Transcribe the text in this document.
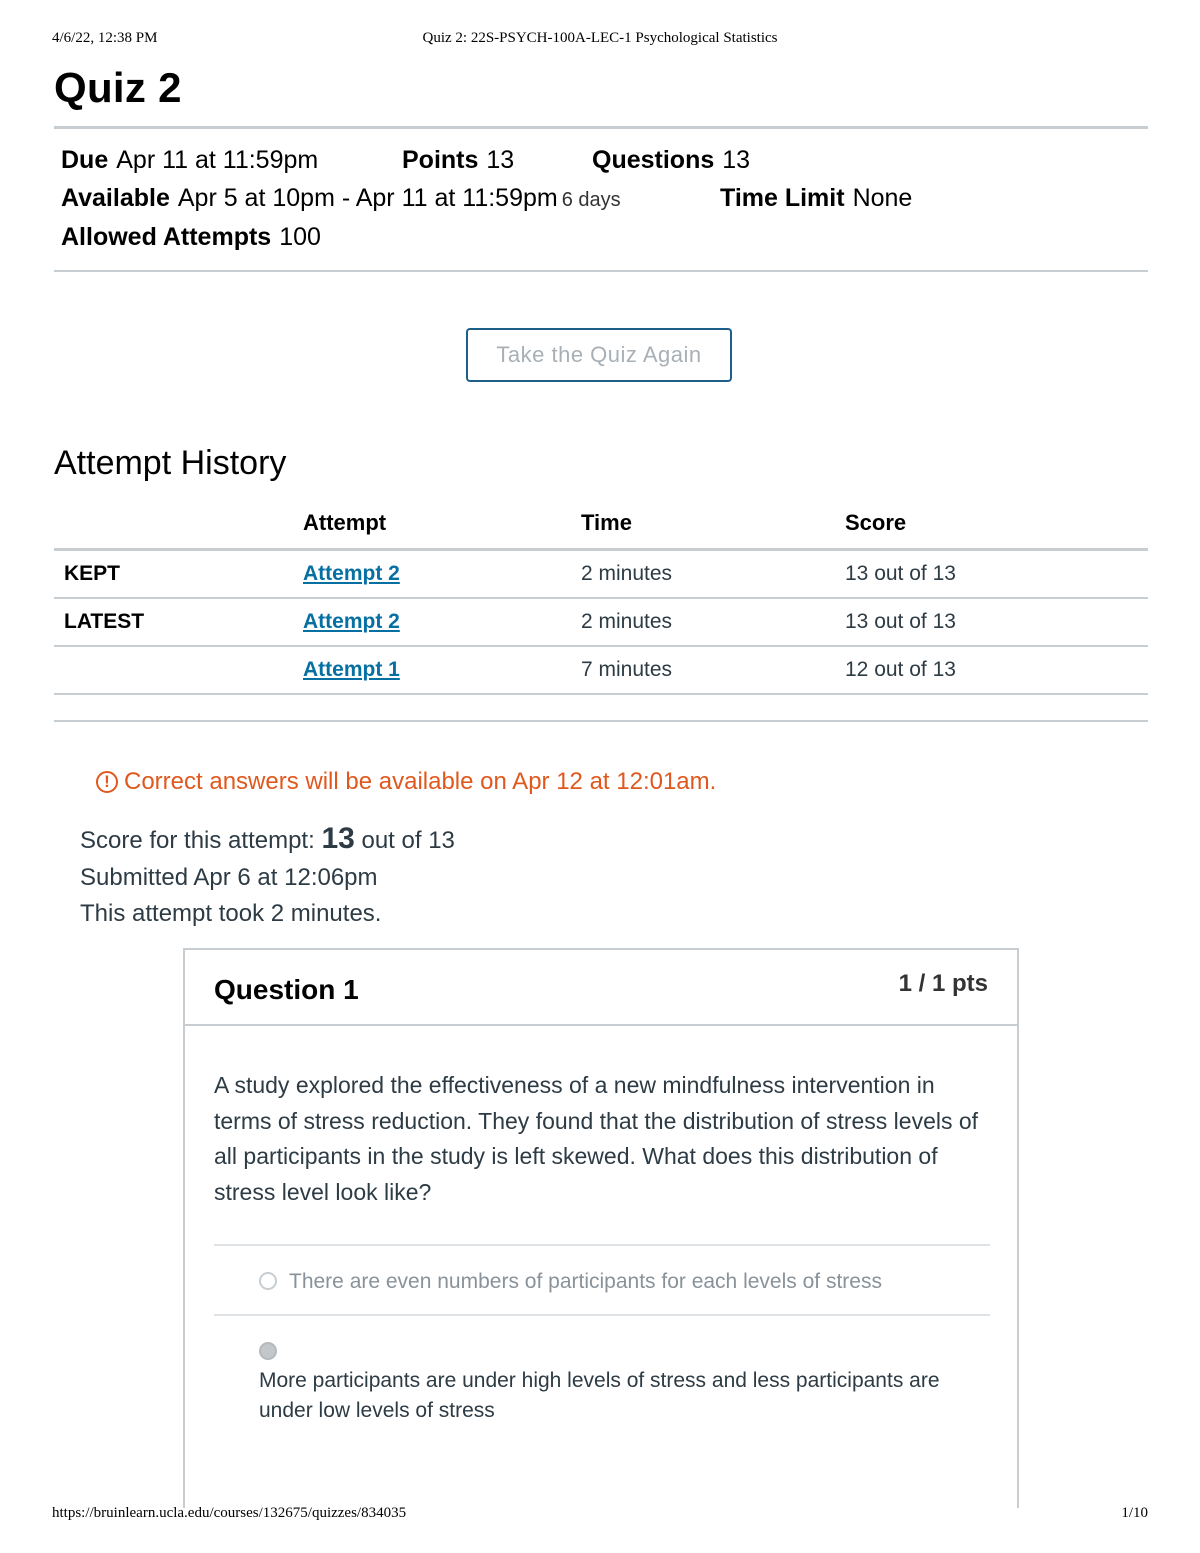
4/6/22, 12:38 PM	Quiz 2: 22S-PSYCH-100A-LEC-1 Psychological Statistics
Quiz 2
Due Apr 11 at 11:59pm	Points 13	Questions 13
Available Apr 5 at 10pm - Apr 11 at 11:59pm 6 days	Time Limit None
Allowed Attempts 100
Take the Quiz Again
Attempt History
	Attempt	Time	Score
KEPT	Attempt 2	2 minutes	13 out of 13
LATEST	Attempt 2	2 minutes	13 out of 13
	Attempt 1	7 minutes	12 out of 13
! Correct answers will be available on Apr 12 at 12:01am.
Score for this attempt: 13 out of 13
Submitted Apr 6 at 12:06pm
This attempt took 2 minutes.
Question 1	1 / 1 pts
A study explored the effectiveness of a new mindfulness intervention in terms of stress reduction. They found that the distribution of stress levels of all participants in the study is left skewed. What does this distribution of stress level look like?
There are even numbers of participants for each levels of stress
More participants are under high levels of stress and less participants are under low levels of stress
https://bruinlearn.ucla.edu/courses/132675/quizzes/834035	1/10
